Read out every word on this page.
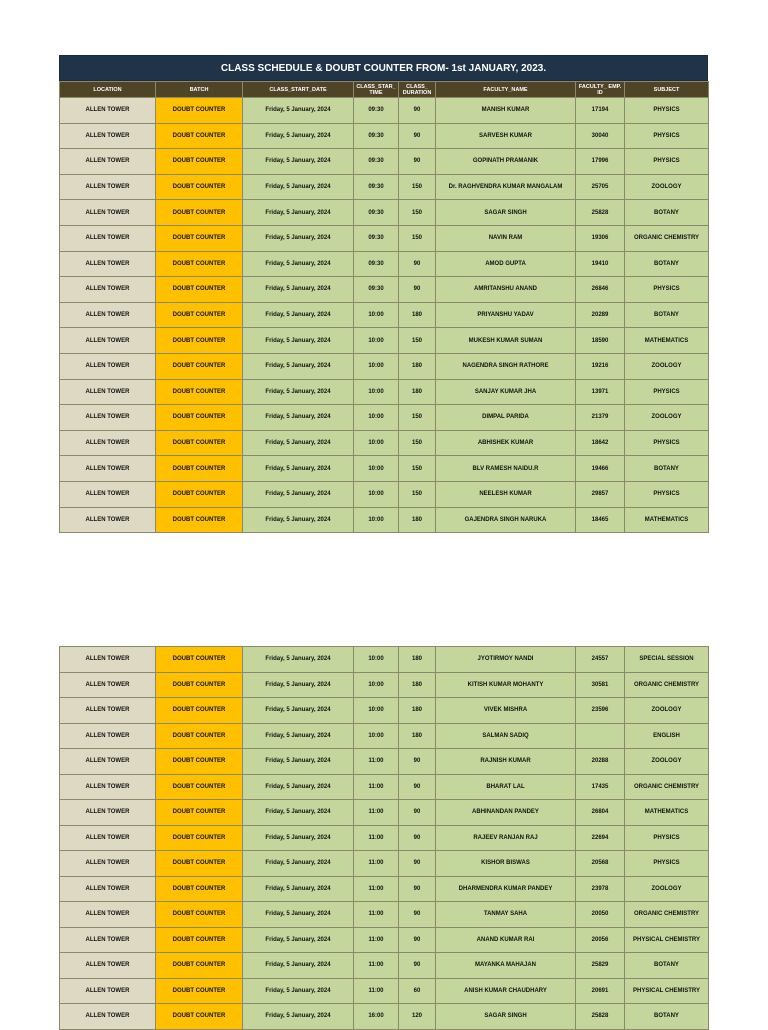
CLASS SCHEDULE & DOUBT COUNTER FROM- 1st JANUARY, 2023.
LOCATION	BATCH	CLASS_START_DATE	CLASS_STAR_ TIME	CLASS_ DURATION	FACULTY_NAME	FACULTY_ EMP. ID	SUBJECT
ALLEN TOWER	DOUBT COUNTER	Friday, 5 January, 2024	09:30	90	MANISH KUMAR	17194	PHYSICS
ALLEN TOWER	DOUBT COUNTER	Friday, 5 January, 2024	09:30	90	SARVESH KUMAR	30040	PHYSICS
ALLEN TOWER	DOUBT COUNTER	Friday, 5 January, 2024	09:30	90	GOPINATH PRAMANIK	17996	PHYSICS
ALLEN TOWER	DOUBT COUNTER	Friday, 5 January, 2024	09:30	150	Dr. RAGHVENDRA KUMAR MANGALAM	25705	ZOOLOGY
ALLEN TOWER	DOUBT COUNTER	Friday, 5 January, 2024	09:30	150	SAGAR SINGH	25828	BOTANY
ALLEN TOWER	DOUBT COUNTER	Friday, 5 January, 2024	09:30	150	NAVIN RAM	19306	ORGANIC CHEMISTRY
ALLEN TOWER	DOUBT COUNTER	Friday, 5 January, 2024	09:30	90	AMOD GUPTA	19410	BOTANY
ALLEN TOWER	DOUBT COUNTER	Friday, 5 January, 2024	09:30	90	AMRITANSHU ANAND	26846	PHYSICS
ALLEN TOWER	DOUBT COUNTER	Friday, 5 January, 2024	10:00	180	PRIYANSHU YADAV	20289	BOTANY
ALLEN TOWER	DOUBT COUNTER	Friday, 5 January, 2024	10:00	150	MUKESH KUMAR SUMAN	18590	MATHEMATICS
ALLEN TOWER	DOUBT COUNTER	Friday, 5 January, 2024	10:00	180	NAGENDRA SINGH RATHORE	19216	ZOOLOGY
ALLEN TOWER	DOUBT COUNTER	Friday, 5 January, 2024	10:00	180	SANJAY KUMAR JHA	13971	PHYSICS
ALLEN TOWER	DOUBT COUNTER	Friday, 5 January, 2024	10:00	150	DIMPAL PARIDA	21379	ZOOLOGY
ALLEN TOWER	DOUBT COUNTER	Friday, 5 January, 2024	10:00	150	ABHISHEK KUMAR	18642	PHYSICS
ALLEN TOWER	DOUBT COUNTER	Friday, 5 January, 2024	10:00	150	BLV RAMESH NAIDU.R	19466	BOTANY
ALLEN TOWER	DOUBT COUNTER	Friday, 5 January, 2024	10:00	150	NEELESH KUMAR	29857	PHYSICS
ALLEN TOWER	DOUBT COUNTER	Friday, 5 January, 2024	10:00	180	GAJENDRA SINGH NARUKA	18465	MATHEMATICS
ALLEN TOWER	DOUBT COUNTER	Friday, 5 January, 2024	10:00	180	JYOTIRMOY NANDI	24557	SPECIAL SESSION
ALLEN TOWER	DOUBT COUNTER	Friday, 5 January, 2024	10:00	180	KITISH KUMAR MOHANTY	30581	ORGANIC CHEMISTRY
ALLEN TOWER	DOUBT COUNTER	Friday, 5 January, 2024	10:00	180	VIVEK MISHRA	23596	ZOOLOGY
ALLEN TOWER	DOUBT COUNTER	Friday, 5 January, 2024	10:00	180	SALMAN SADIQ		ENGLISH
ALLEN TOWER	DOUBT COUNTER	Friday, 5 January, 2024	11:00	90	RAJNISH KUMAR	20288	ZOOLOGY
ALLEN TOWER	DOUBT COUNTER	Friday, 5 January, 2024	11:00	90	BHARAT LAL	17435	ORGANIC CHEMISTRY
ALLEN TOWER	DOUBT COUNTER	Friday, 5 January, 2024	11:00	90	ABHINANDAN PANDEY	26804	MATHEMATICS
ALLEN TOWER	DOUBT COUNTER	Friday, 5 January, 2024	11:00	90	RAJEEV RANJAN RAJ	22694	PHYSICS
ALLEN TOWER	DOUBT COUNTER	Friday, 5 January, 2024	11:00	90	KISHOR BISWAS	20568	PHYSICS
ALLEN TOWER	DOUBT COUNTER	Friday, 5 January, 2024	11:00	90	DHARMENDRA KUMAR PANDEY	23978	ZOOLOGY
ALLEN TOWER	DOUBT COUNTER	Friday, 5 January, 2024	11:00	90	TANMAY SAHA	20050	ORGANIC CHEMISTRY
ALLEN TOWER	DOUBT COUNTER	Friday, 5 January, 2024	11:00	90	ANAND KUMAR RAI	20056	PHYSICAL CHEMISTRY
ALLEN TOWER	DOUBT COUNTER	Friday, 5 January, 2024	11:00	90	MAYANKA MAHAJAN	25829	BOTANY
ALLEN TOWER	DOUBT COUNTER	Friday, 5 January, 2024	11:00	60	ANISH KUMAR CHAUDHARY	20691	PHYSICAL CHEMISTRY
ALLEN TOWER	DOUBT COUNTER	Friday, 5 January, 2024	16:00	120	SAGAR SINGH	25828	BOTANY
